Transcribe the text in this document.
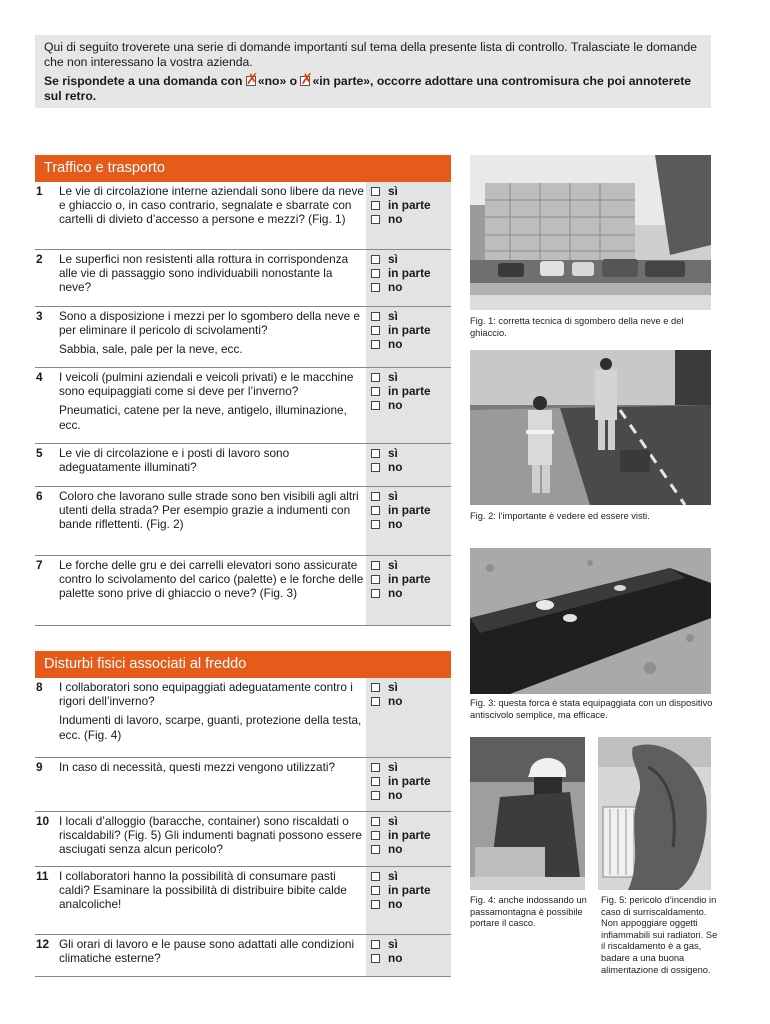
Qui di seguito troverete una serie di domande importanti sul tema della presente lista di controllo. Tralasciate le domande che non interessano la vostra azienda.

Se rispondete a una domanda con ✗ «no» o ✗ «in parte», occorre adottare una contromisura che poi annoterete sul retro.

Traffico e trasporto
1 Le vie di circolazione interne aziendali sono libere da neve e ghiaccio o, in caso contrario, segnalate e sbarrate con cartelli di divieto d’accesso a persone e mezzi? (Fig. 1)
sì
in parte
no
2 Le superfici non resistenti alla rottura in corrispondenza alle vie di passaggio sono individuabili nonostante la neve?
sì
in parte
no
3 Sono a disposizione i mezzi per lo sgombero della neve e per eliminare il pericolo di scivolamenti?
Sabbia, sale, pale per la neve, ecc.
sì
in parte
no
4 I veicoli (pulmini aziendali e veicoli privati) e le macchine sono equipaggiati come si deve per l’inverno?
Pneumatici, catene per la neve, antigelo, illuminazione, ecc.
sì
in parte
no
5 Le vie di circolazione e i posti di lavoro sono adeguatamente illuminati?
sì
no
6 Coloro che lavorano sulle strade sono ben visibili agli altri utenti della strada? Per esempio grazie a indumenti con bande riflettenti. (Fig. 2)
sì
in parte
no
7 Le forche delle gru e dei carrelli elevatori sono assicurate contro lo scivolamento del carico (palette) e le forche delle palette sono prive di ghiaccio o neve? (Fig. 3)
sì
in parte
no
8 I collaboratori sono equipaggiati adeguatamente contro i rigori dell’inverno?
Indumenti di lavoro, scarpe, guanti, protezione della testa, ecc. (Fig. 4)
sì
no
9 In caso di necessità, questi mezzi vengono utilizzati?	sì
in parte
no
10 I locali d’alloggio (baracche, container) sono riscaldati o riscaldabili? (Fig. 5) Gli indumenti bagnati possono essere asciugati senza alcun pericolo?
sì
in parte
no
11 I collaboratori hanno la possibilità di consumare pasti caldi? Esaminare la possibilità di distribuire bibite calde analcoliche!
sì
in parte
no
12 Gli orari di lavoro e le pause sono adattati alle condizioni climatiche esterne?
sì
no
Disturbi fisici associati al freddo
Fig. 1: corretta tecnica di sgombero della neve e del ghiaccio.
Fig. 2: l’importante è vedere ed essere visti.
Fig. 3: questa forca è stata equipaggiata con un dispositivo antiscivolo semplice, ma efficace.
Fig. 4: anche indossando un passamontagna è possibile portare il casco.
Fig. 5: pericolo d’incendio in caso di surriscaldamento. Non appoggiare oggetti infiammabili sui radiatori. Se il riscaldamento è a gas, badare a una buona alimentazione di ossigeno.
